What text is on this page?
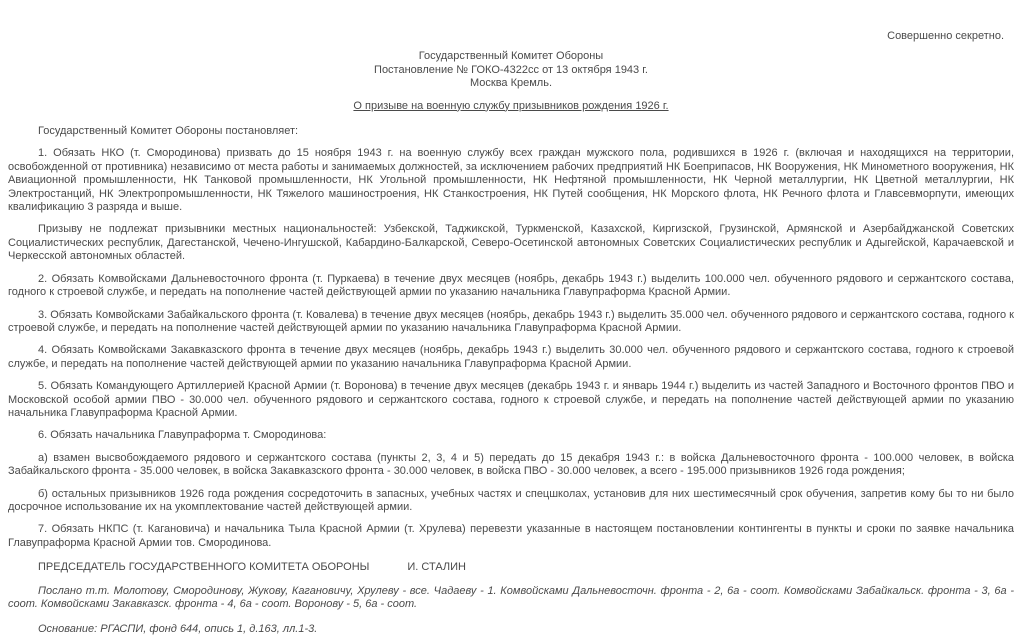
Совершенно секретно.
Государственный Комитет Обороны
Постановление № ГОКО-4322сс от 13 октября 1943 г.
Москва Кремль.
О призыве на военную службу призывников рождения 1926 г.
Государственный Комитет Обороны постановляет:
1. Обязать НКО (т. Смородинова) призвать до 15 ноября 1943 г. на военную службу всех граждан мужского пола, родившихся в 1926 г. (включая и находящихся на территории, освобожденной от противника) независимо от места работы и занимаемых должностей, за исключением рабочих предприятий НК Боеприпасов, НК Вооружения, НК Минометного вооружения, НК Авиационной промышленности, НК Танковой промышленности, НК Угольной промышленности, НК Нефтяной промышленности, НК Черной металлургии, НК Цветной металлургии, НК Электростанций, НК Электропромышленности, НК Тяжелого машиностроения, НК Станкостроения, НК Путей сообщения, НК Морского флота, НК Речного флота и Главсевморпути, имеющих квалификацию 3 разряда и выше.
Призыву не подлежат призывники местных национальностей: Узбекской, Таджикской, Туркменской, Казахской, Киргизской, Грузинской, Армянской и Азербайджанской Советских Социалистических республик, Дагестанской, Чечено-Ингушской, Кабардино-Балкарской, Северо-Осетинской автономных Советских Социалистических республик и Адыгейской, Карачаевской и Черкесской автономных областей.
2. Обязать Комвойсками Дальневосточного фронта (т. Пуркаева) в течение двух месяцев (ноябрь, декабрь 1943 г.) выделить 100.000 чел. обученного рядового и сержантского состава, годного к строевой службе, и передать на пополнение частей действующей армии по указанию начальника Главупраформа Красной Армии.
3. Обязать Комвойсками Забайкальского фронта (т. Ковалева) в течение двух месяцев (ноябрь, декабрь 1943 г.) выделить 35.000 чел. обученного рядового и сержантского состава, годного к строевой службе, и передать на пополнение частей действующей армии по указанию начальника Главупраформа Красной Армии.
4. Обязать Комвойсками Закавказского фронта в течение двух месяцев (ноябрь, декабрь 1943 г.) выделить 30.000 чел. обученного рядового и сержантского состава, годного к строевой службе, и передать на пополнение частей действующей армии по указанию начальника Главупраформа Красной Армии.
5. Обязать Командующего Артиллерией Красной Армии (т. Воронова) в течение двух месяцев (декабрь 1943 г. и январь 1944 г.) выделить из частей Западного и Восточного фронтов ПВО и Московской особой армии ПВО - 30.000 чел. обученного рядового и сержантского состава, годного к строевой службе, и передать на пополнение частей действующей армии по указанию начальника Главупраформа Красной Армии.
6. Обязать начальника Главупраформа т. Смородинова:
а) взамен высвобождаемого рядового и сержантского состава (пункты 2, 3, 4 и 5) передать до 15 декабря 1943 г.: в войска Дальневосточного фронта - 100.000 человек, в войска Забайкальского фронта - 35.000 человек, в войска Закавказского фронта - 30.000 человек, в войска ПВО - 30.000 человек, а всего - 195.000 призывников 1926 года рождения;
б) остальных призывников 1926 года рождения сосредоточить в запасных, учебных частях и спецшколах, установив для них шестимесячный срок обучения, запретив кому бы то ни было досрочное использование их на укомплектование частей действующей армии.
7. Обязать НКПС (т. Кагановича) и начальника Тыла Красной Армии (т. Хрулева) перевезти указанные в настоящем постановлении контингенты в пункты и сроки по заявке начальника Главупраформа Красной Армии тов. Смородинова.
ПРЕДСЕДАТЕЛЬ ГОСУДАРСТВЕННОГО КОМИТЕТА ОБОРОНЫ	И. СТАЛИН
Послано т.т. Молотову, Смородинову, Жукову, Кагановичу, Хрулеву - все. Чадаеву - 1. Комвойсками Дальневосточн. фронта - 2, 6а - соот. Комвойсками Забайкальск. фронта - 3, 6а - соот. Комвойсками Закавказск. фронта - 4, 6а - соот. Воронову - 5, 6а - соот.
Основание: РГАСПИ, фонд 644, опись 1, д.163, лл.1-3.
